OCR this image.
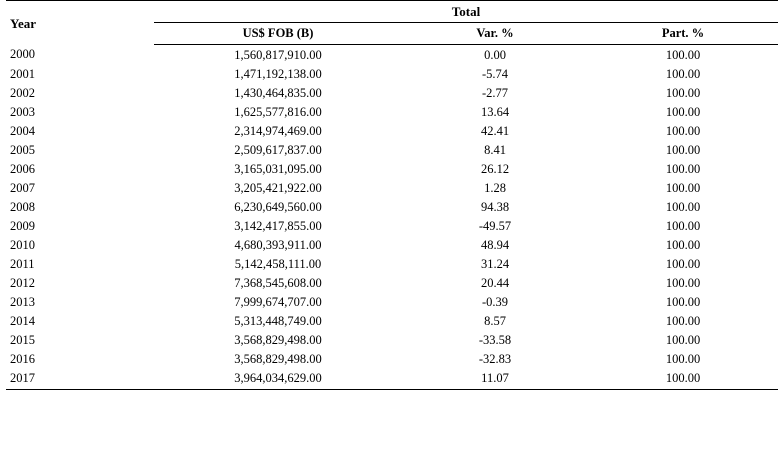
Year	Total		
	US$ FOB (B)	Var. %	Part. %
2000	1,560,817,910.00	0.00	100.00
2001	1,471,192,138.00	-5.74	100.00
2002	1,430,464,835.00	-2.77	100.00
2003	1,625,577,816.00	13.64	100.00
2004	2,314,974,469.00	42.41	100.00
2005	2,509,617,837.00	8.41	100.00
2006	3,165,031,095.00	26.12	100.00
2007	3,205,421,922.00	1.28	100.00
2008	6,230,649,560.00	94.38	100.00
2009	3,142,417,855.00	-49.57	100.00
2010	4,680,393,911.00	48.94	100.00
2011	5,142,458,111.00	31.24	100.00
2012	7,368,545,608.00	20.44	100.00
2013	7,999,674,707.00	-0.39	100.00
2014	5,313,448,749.00	8.57	100.00
2015	3,568,829,498.00	-33.58	100.00
2016	3,568,829,498.00	-32.83	100.00
2017	3,964,034,629.00	11.07	100.00
